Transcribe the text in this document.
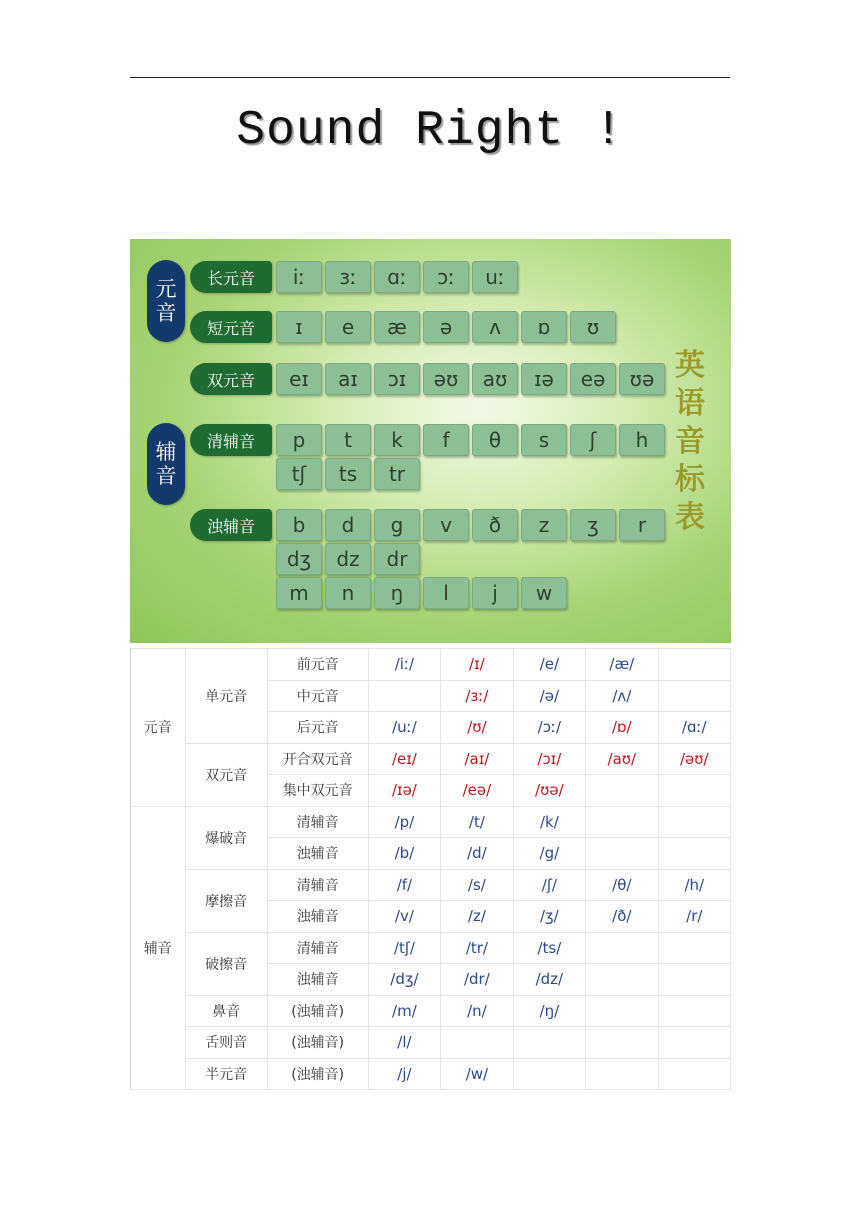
Sound Right !
元
音
辅
音
长元音	iː	ɜː	ɑː	ɔː	uː
短元音	ɪ	e	æ	ə	ʌ	ɒ	ʊ
双元音	eɪ	aɪ	ɔɪ	əʊ	aʊ	ɪə	eə	ʊə
清辅音	p	t	k	f	θ	s	ʃ	h
tʃ	ts	tr
浊辅音	b	d	g	v	ð	z	ʒ	r
dʒ	dz	dr
m	n	ŋ	l	j	w
英
语
音
标
表
元音	单元音	前元音	/iː/	/ɪ/	/e/	/æ/	
		中元音		/ɜː/	/ə/	/ʌ/	
		后元音	/uː/	/ʊ/	/ɔː/	/ɒ/	/ɑː/
	双元音	开合双元音	/eɪ/	/aɪ/	/ɔɪ/	/aʊ/	/əʊ/
		集中双元音	/ɪə/	/eə/	/ʊə/		
辅音	爆破音	清辅音	/p/	/t/	/k/		
		浊辅音	/b/	/d/	/g/		
	摩擦音	清辅音	/f/	/s/	/ʃ/	/θ/	/h/
		浊辅音	/v/	/z/	/ʒ/	/ð/	/r/
	破擦音	清辅音	/tʃ/	/tr/	/ts/		
		浊辅音	/dʒ/	/dr/	/dz/		
	鼻音	(浊辅音)	/m/	/n/	/ŋ/		
	舌则音	(浊辅音)	/l/				
	半元音	(浊辅音)	/j/	/w/			
